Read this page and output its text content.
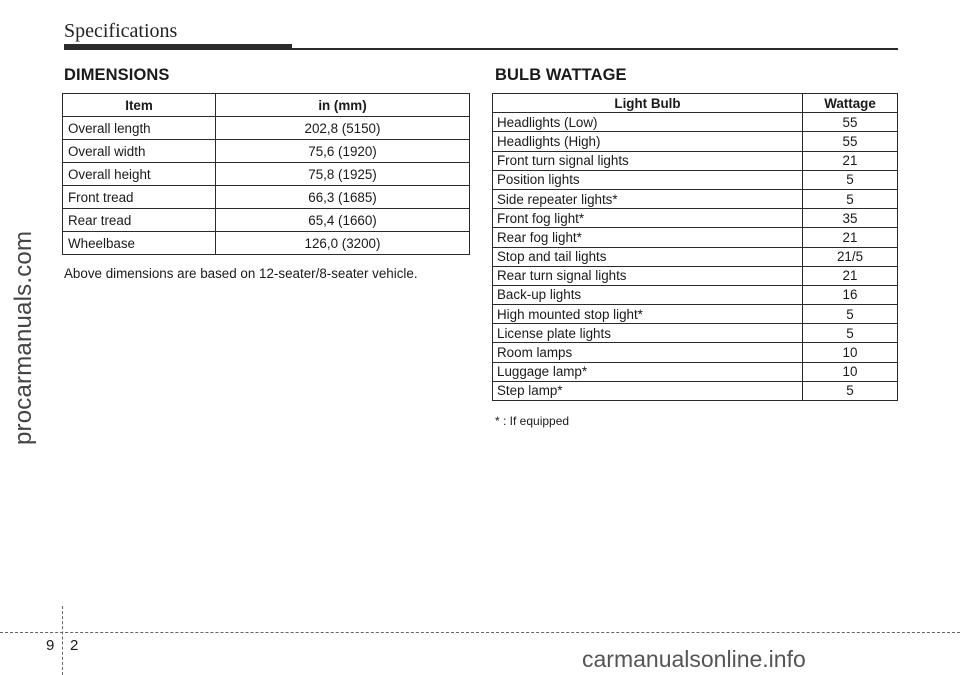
Specifications
DIMENSIONS
Item	in (mm)
Overall length	202,8 (5150)
Overall width	75,6 (1920)
Overall height	75,8 (1925)
Front tread	66,3 (1685)
Rear tread	65,4 (1660)
Wheelbase	126,0 (3200)
Above dimensions are based on 12-seater/8-seater vehicle.
BULB WATTAGE
Light Bulb	Wattage
Headlights (Low)	55
Headlights (High)	55
Front turn signal lights	21
Position lights	5
Side repeater lights*	5
Front fog light*	35
Rear fog light*	21
Stop and tail lights	21/5
Rear turn signal lights	21
Back-up lights	16
High mounted stop light*	5
License plate lights	5
Room lamps	10
Luggage lamp*	10
Step lamp*	5
* : If equipped
procarmanuals.com
carmanualsonline.info
9 2
